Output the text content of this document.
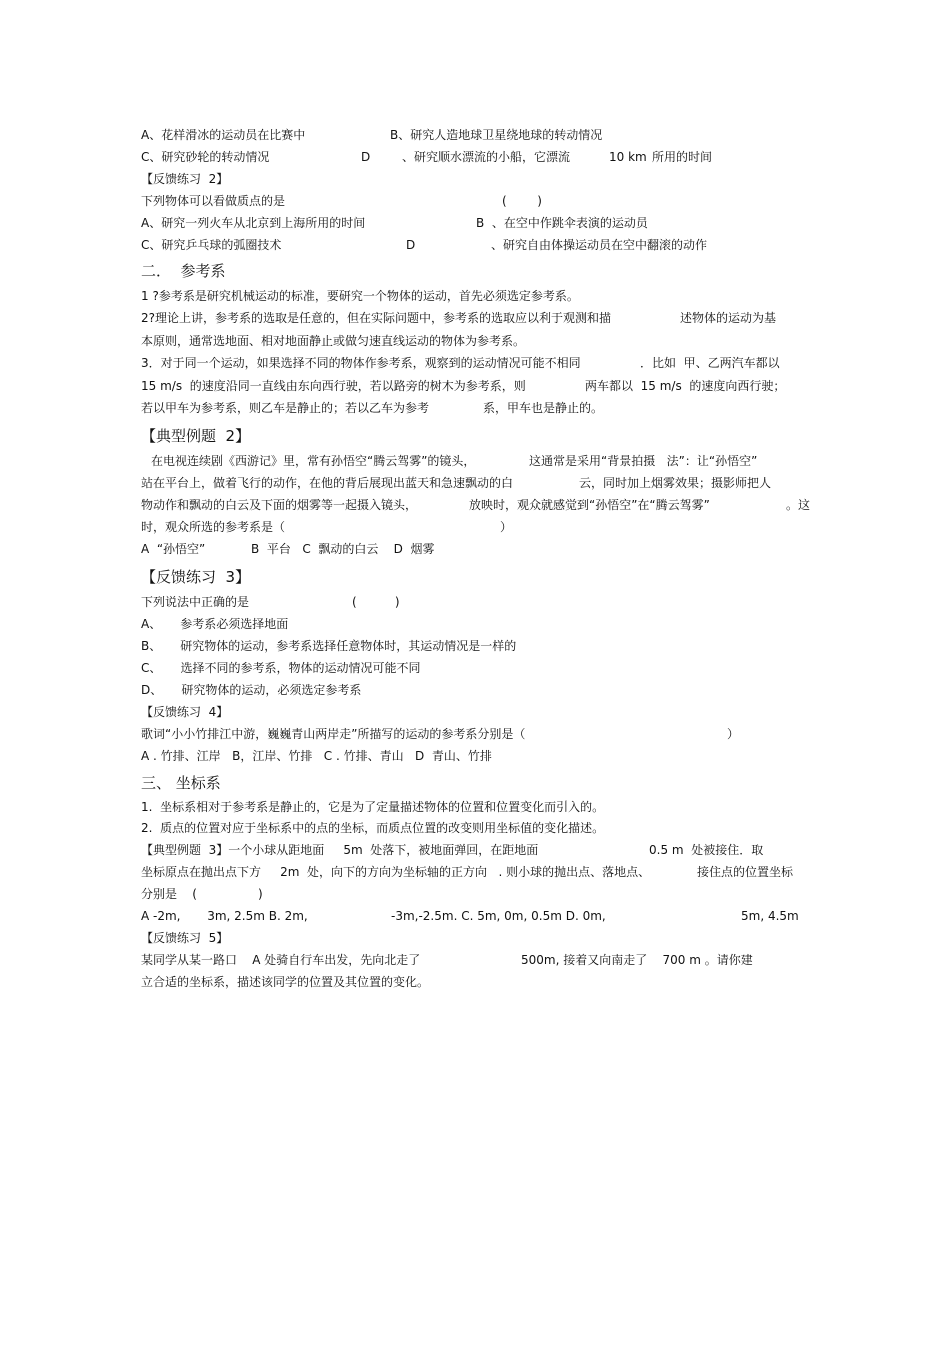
A、花样滑冰的运动员在比赛中	B、研究人造地球卫星绕地球的转动情况
C、研究砂轮的转动情况	D	、研究顺水漂流的小船，它漂流	10 km 所用的时间
【反馈练习  2】
下列物体可以看做质点的是	(        )
A、研究一列火车从北京到上海所用的时间	B  、在空中作跳伞表演的运动员
C、研究乒乓球的弧圈技术	D	、研究自由体操运动员在空中翻滚的动作
二．  参考系
1 ?参考系是研究机械运动的标准，要研究一个物体的运动，首先必须选定参考系。
2?理论上讲，参考系的选取是任意的，但在实际问题中，参考系的选取应以利于观测和描	述物体的运动为基
本原则，通常选地面、相对地面静止或做匀速直线运动的物体为参考系。
3．对于同一个运动，如果选择不同的物体作参考系，观察到的运动情况可能不相同	．比如  甲、乙两汽车都以
15 m/s  的速度沿同一直线由东向西行驶，若以路旁的树木为参考系，则	两车都以  15 m/s  的速度向西行驶；
若以甲车为参考系，则乙车是静止的；若以乙车为参考	系，甲车也是静止的。
【典型例题  2】
在电视连续剧《西游记》里，常有孙悟空“腾云驾雾”的镜头，	这通常是采用“背景拍摄   法”：让“孙悟空”
站在平台上，做着飞行的动作，在他的背后展现出蓝天和急速飘动的白	云，同时加上烟雾效果；摄影师把人
物动作和飘动的白云及下面的烟雾等一起摄入镜头，	放映时，观众就感觉到“孙悟空”在“腾云驾雾”	。这
时，观众所选的参考系是（	）
A  “孙悟空”            B  平台   C  飘动的白云    D  烟雾
【反馈练习  3】
下列说法中正确的是	(          )
A、     参考系必须选择地面
B、     研究物体的运动，参考系选择任意物体时，其运动情况是一样的
C、     选择不同的参考系，物体的运动情况可能不同
D、     研究物体的运动，必须选定参考系
【反馈练习  4】
歌词“小小竹排江中游，巍巍青山两岸走”所描写的运动的参考系分别是（	）
A . 竹排、江岸   B，江岸、竹排   C . 竹排、青山   D  青山、竹排
三、 坐标系
1.  坐标系相对于参考系是静止的，它是为了定量描述物体的位置和位置变化而引入的。
2.  质点的位置对应于坐标系中的点的坐标，而质点位置的改变则用坐标值的变化描述。
【典型例题  3】一个小球从距地面     5m  处落下，被地面弹回，在距地面	0.5 m  处被接住．取
坐标原点在抛出点下方     2m  处，向下的方向为坐标轴的正方向   . 则小球的抛出点、落地点、	接住点的位置坐标
分别是    (                )
A -2m,       3m, 2.5m B. 2m,	-3m,-2.5m. C. 5m, 0m, 0.5m D. 0m,	5m, 4.5m
【反馈练习  5】
某同学从某一路口    A 处骑自行车出发，先向北走了	500m, 接着又向南走了    700 m 。请你建
立合适的坐标系，描述该同学的位置及其位置的变化。
